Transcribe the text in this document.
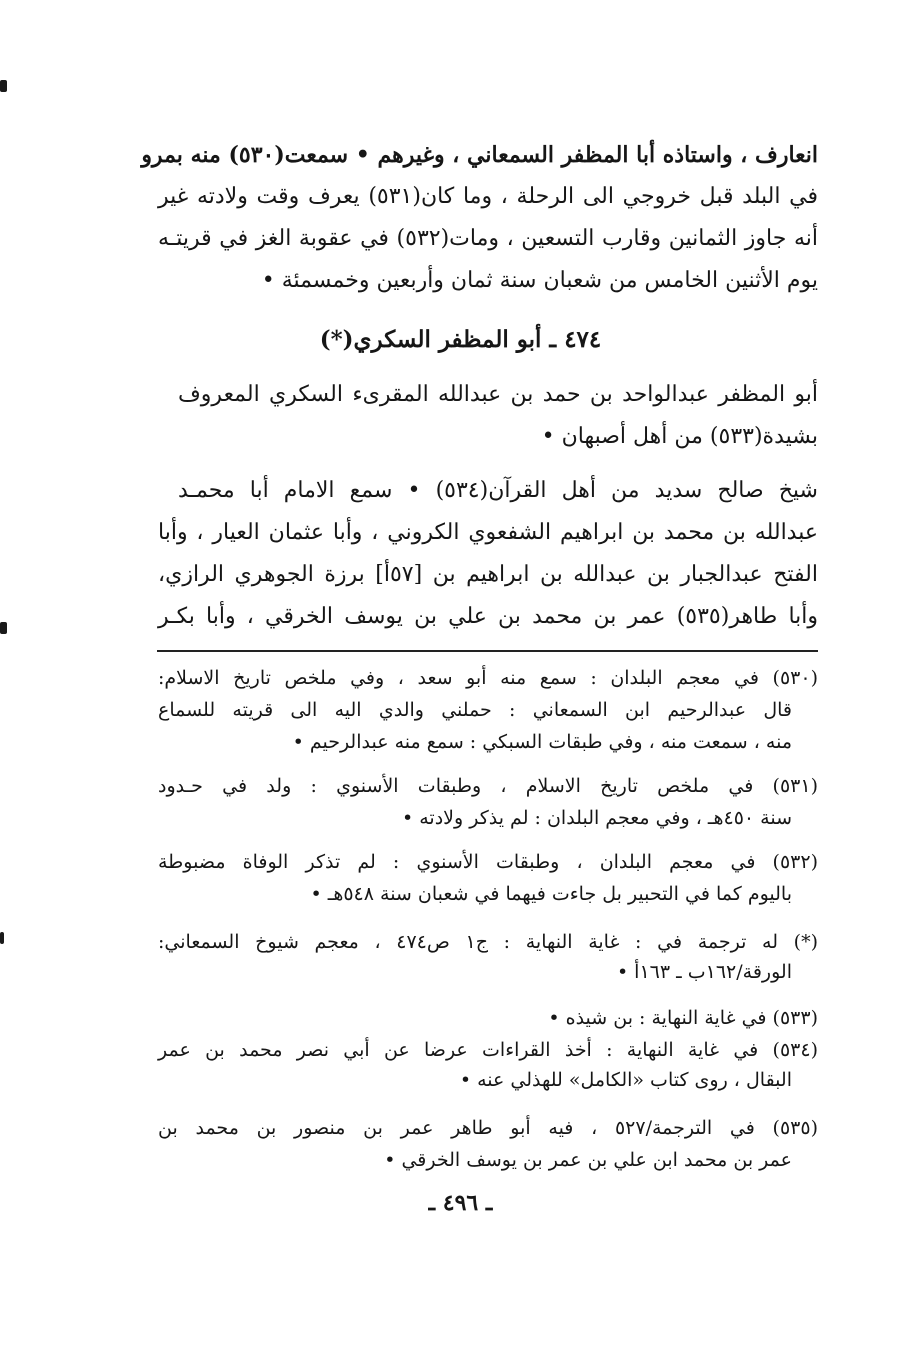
انعارف ، واستاذه أبا المظفر السمعاني ، وغيرهم • سمعت(٥٣٠) منه بمرو
في البلد قبل خروجي الى الرحلة ، وما كان(٥٣١) يعرف وقت ولادته غير
أنه جاوز الثمانين وقارب التسعين ، ومات(٥٣٢) في عقوبة الغز في قريتـه
يوم الأثنين الخامس من شعبان سنة ثمان وأربعين وخمسمئة •
٤٧٤ ـ أبو المظفر السكري(*)
أبو المظفر عبدالواحد بن حمد بن عبدالله المقرىء السكري المعروف
بشيدة(٥٣٣) من أهل أصبهان •
شيخ صالح سديد من أهل القرآن(٥٣٤) • سمع الامام أبا محمـد
عبدالله بن محمد بن ابراهيم الشفعوي الكروني ، وأبا عثمان العيار ، وأبا
الفتح عبدالجبار بن عبدالله بن ابراهيم بن [٥٧أ] برزة الجوهري الرازي،
وأبا طاهر(٥٣٥) عمر بن محمد بن علي بن يوسف الخرقي ، وأبا بكـر
(٥٣٠) في معجم البلدان : سمع منه أبو سعد ، وفي ملخص تاريخ الاسلام:
قال عبدالرحيم ابن السمعاني : حملني والدي اليه الى قريته للسماع
منه ، سمعت منه ، وفي طبقات السبكي : سمع منه عبدالرحيم •
(٥٣١) في ملخص تاريخ الاسلام ، وطبقات الأسنوي : ولد في حـدود
سنة ٤٥٠هـ ، وفي معجم البلدان : لم يذكر ولادته •
(٥٣٢) في معجم البلدان ، وطبقات الأسنوي : لم تذكر الوفاة مضبوطة
باليوم كما في التحبير بل جاءت فيهما في شعبان سنة ٥٤٨هـ •
(*) له ترجمة في : غاية النهاية : ج١ ص٤٧٤ ، معجم شيوخ السمعاني:
الورقة/١٦٢ب ـ ١٦٣أ •
(٥٣٣) في غاية النهاية : بن شيذه •
(٥٣٤) في غاية النهاية : أخذ القراءات عرضا عن أبي نصر محمد بن عمر
البقال ، روى كتاب «الكامل» للهذلي عنه •
(٥٣٥) في الترجمة/٥٢٧ ، فيه أبو طاهر عمر بن منصور بن محمد بن
عمر بن محمد ابن علي بن عمر بن يوسف الخرقي •
ـ ٤٩٦ ـ
